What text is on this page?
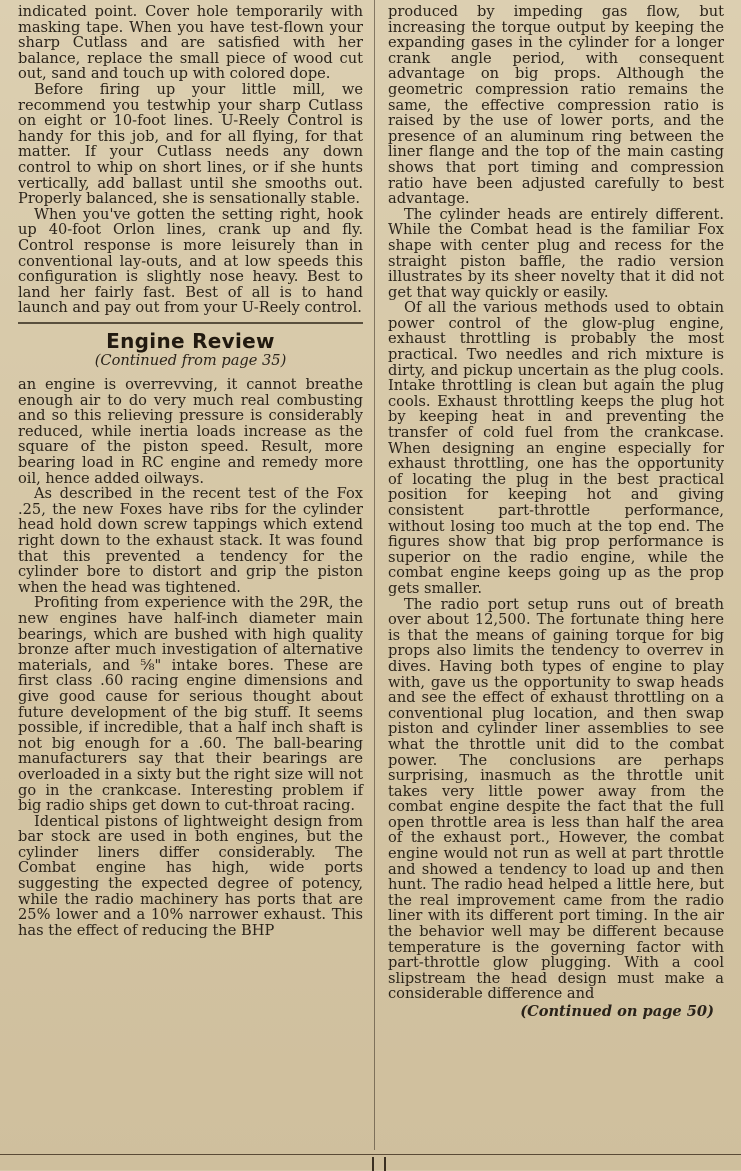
indicated point. Cover hole temporarily with masking tape. When you have test-flown your sharp Cutlass and are satisfied with her balance, replace the small piece of wood cut out, sand and touch up with colored dope.

Before firing up your little mill, we recommend you testwhip your sharp Cutlass on eight or 10-foot lines. U-Reely Control is handy for this job, and for all flying, for that matter. If your Cutlass needs any down control to whip on short lines, or if she hunts vertically, add ballast until she smooths out. Properly balanced, she is sensationally stable.

When you've gotten the setting right, hook up 40-foot Orlon lines, crank up and fly. Control response is more leisurely than in conventional lay-outs, and at low speeds this configuration is slightly nose heavy. Best to land her fairly fast. Best of all is to hand launch and pay out from your U-Reely control.

Engine Review
(Continued from page 35)

an engine is overrevving, it cannot breathe enough air to do very much real combusting and so this relieving pressure is considerably reduced, while inertia loads increase as the square of the piston speed. Result, more bearing load in RC engine and remedy more oil, hence added oilways.

As described in the recent test of the Fox .25, the new Foxes have ribs for the cylinder head hold down screw tappings which extend right down to the exhaust stack. It was found that this prevented a tendency for the cylinder bore to distort and grip the piston when the head was tightened.

Profiting from experience with the 29R, the new engines have half-inch diameter main bearings, which are bushed with high quality bronze after much investigation of alternative materials, and ⅝" intake bores. These are first class .60 racing engine dimensions and give good cause for serious thought about future development of the big stuff. It seems possible, if incredible, that a half inch shaft is not big enough for a .60. The ball-bearing manufacturers say that their bearings are overloaded in a sixty but the right size will not go in the crankcase. Interesting problem if big radio ships get down to cut-throat racing.

Identical pistons of lightweight design from bar stock are used in both engines, but the cylinder liners differ considerably. The Combat engine has high, wide ports suggesting the expected degree of potency, while the radio machinery has ports that are 25% lower and a 10% narrower exhaust. This has the effect of reducing the BHP

produced by impeding gas flow, but increasing the torque output by keeping the expanding gases in the cylinder for a longer crank angle period, with consequent advantage on big props. Although the geometric compression ratio remains the same, the effective compression ratio is raised by the use of lower ports, and the presence of an aluminum ring between the liner flange and the top of the main casting shows that port timing and compression ratio have been adjusted carefully to best advantage.

The cylinder heads are entirely different. While the Combat head is the familiar Fox shape with center plug and recess for the straight piston baffle, the radio version illustrates by its sheer novelty that it did not get that way quickly or easily.

Of all the various methods used to obtain power control of the glow-plug engine, exhaust throttling is probably the most practical. Two needles and rich mixture is dirty, and pickup uncertain as the plug cools. Intake throttling is clean but again the plug cools. Exhaust throttling keeps the plug hot by keeping heat in and preventing the transfer of cold fuel from the crankcase. When designing an engine especially for exhaust throttling, one has the opportunity of locating the plug in the best practical position for keeping hot and giving consistent part-throttle performance, without losing too much at the top end. The figures show that big prop performance is superior on the radio engine, while the combat engine keeps going up as the prop gets smaller.

The radio port setup runs out of breath over about 12,500. The fortunate thing here is that the means of gaining torque for big props also limits the tendency to overrev in dives. Having both types of engine to play with, gave us the opportunity to swap heads and see the effect of exhaust throttling on a conventional plug location, and then swap piston and cylinder liner assemblies to see what the throttle unit did to the combat power. The conclusions are perhaps surprising, inasmuch as the throttle unit takes very little power away from the combat engine despite the fact that the full open throttle area is less than half the area of the exhaust port., However, the combat engine would not run as well at part throttle and showed a tendency to load up and then hunt. The radio head helped a little here, but the real improvement came from the radio liner with its different port timing. In the air the behavior well may be different because temperature is the governing factor with part-throttle glow plugging. With a cool slipstream the head design must make a considerable difference and

(Continued on page 50)
